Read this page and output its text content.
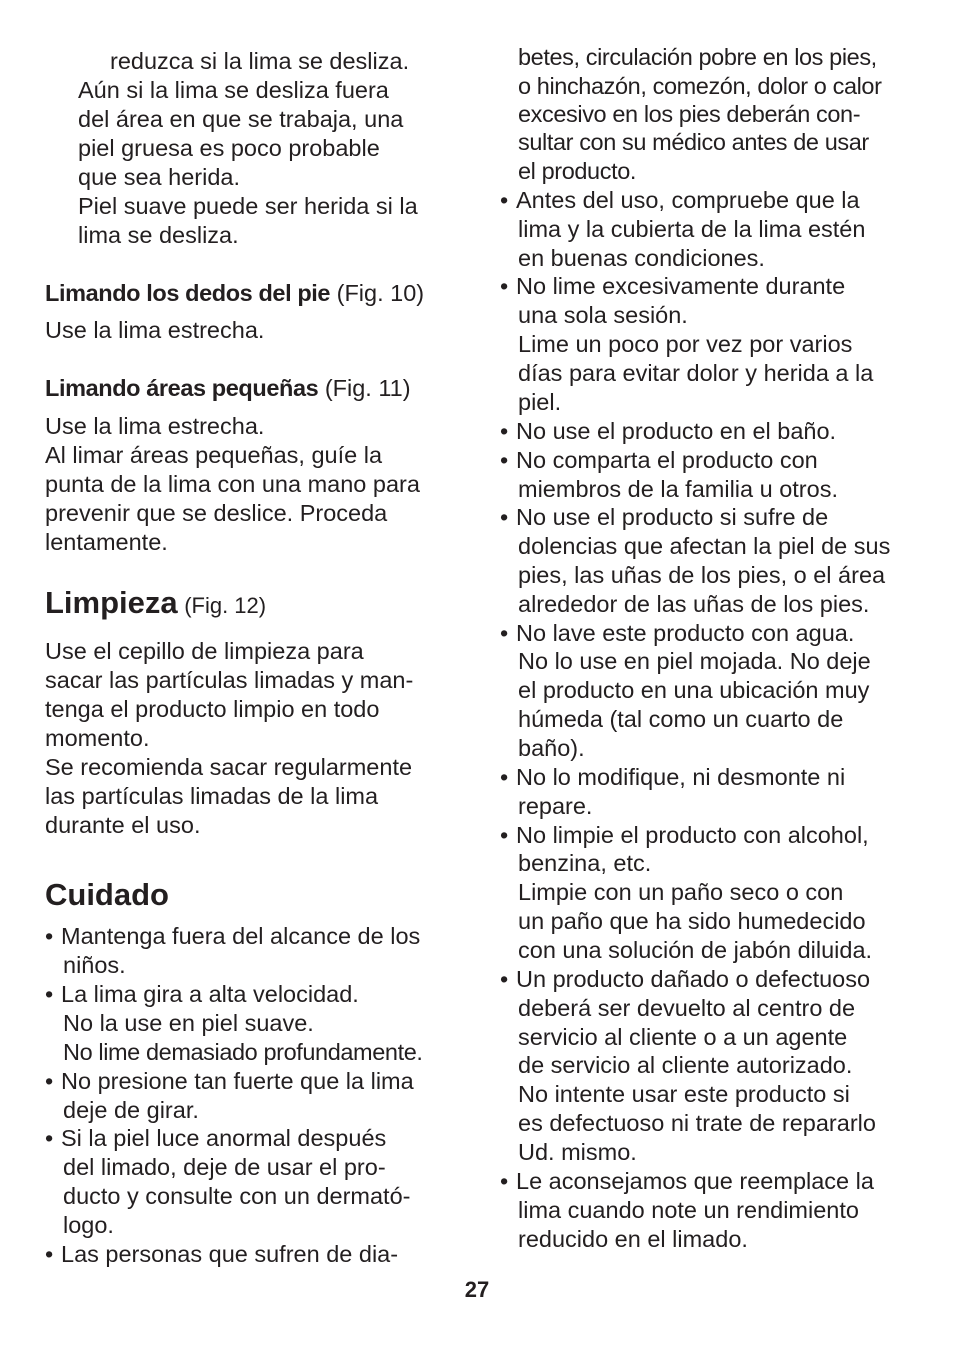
reduzca si la lima se desliza.
Aún si la lima se desliza fuera
del área en que se trabaja, una
piel gruesa es poco probable
que sea herida.
Piel suave puede ser herida si la
lima se desliza.
Limando los dedos del pie (Fig. 10)
Use la lima estrecha.
Limando áreas pequeñas (Fig. 11)
Use la lima estrecha.
Al limar áreas pequeñas, guíe la
punta de la lima con una mano para
prevenir que se deslice. Proceda
lentamente.
Limpieza (Fig. 12)
Use el cepillo de limpieza para
sacar las partículas limadas y man-
tenga el producto limpio en todo
momento.
Se recomienda sacar regularmente
las partículas limadas de la lima
durante el uso.
Cuidado
• Mantenga fuera del alcance de los
niños.
• La lima gira a alta velocidad.
No la use en piel suave.
No lime demasiado profundamente.
• No presione tan fuerte que la lima
deje de girar.
• Si la piel luce anormal después
del limado, deje de usar el pro-
ducto y consulte con un dermató-
logo.
• Las personas que sufren de dia-
betes, circulación pobre en los pies,
o hinchazón, comezón, dolor o calor
excesivo en los pies deberán con-
sultar con su médico antes de usar
el producto.
• Antes del uso, compruebe que la
lima y la cubierta de la lima estén
en buenas condiciones.
• No lime excesivamente durante
una sola sesión.
Lime un poco por vez por varios
días para evitar dolor y herida a la
piel.
• No use el producto en el baño.
• No comparta el producto con
miembros de la familia u otros.
• No use el producto si sufre de
dolencias que afectan la piel de sus
pies, las uñas de los pies, o el área
alrededor de las uñas de los pies.
• No lave este producto con agua.
No lo use en piel mojada. No deje
el producto en una ubicación muy
húmeda (tal como un cuarto de
baño).
• No lo modifique, ni desmonte ni
repare.
• No limpie el producto con alcohol,
benzina, etc.
Limpie con un paño seco o con
un paño que ha sido humedecido
con una solución de jabón diluida.
• Un producto dañado o defectuoso
deberá ser devuelto al centro de
servicio al cliente o a un agente
de servicio al cliente autorizado.
No intente usar este producto si
es defectuoso ni trate de repararlo
Ud. mismo.
• Le aconsejamos que reemplace la
lima cuando note un rendimiento
reducido en el limado.
27
